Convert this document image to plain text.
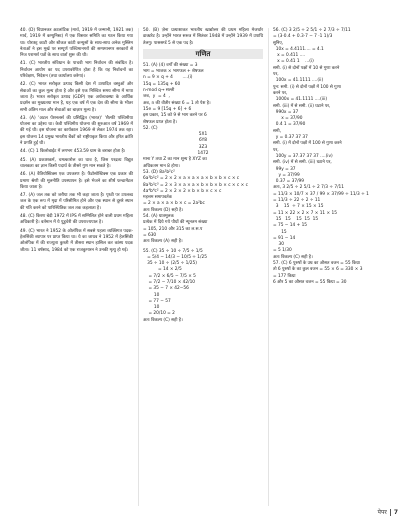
40. (D) चिप्रानकर अटलांटिक (मार्च, 1919 में जन्मानी, 1921 तक) मार्च, 1919 में कम्युनिस्ट) में एक विस्तार समिति का गठन किया गया था। योराश्ट्र काटी और शौकत कांटी कन्युसों के साथ-साथ अनेक मुस्लिम नेताओं ने इस मूर्ख पर सम्पूर्ण पश्चिमानगरों की सम्पमानगर सरकारों से निज परामर्श पत्रों के साथ वार्ता शुरू की थी।

41. (C) भारतीय संविधान के पाचवी भाग निर्वाचन की संबंधित है। निर्वाचन आयोग का पद उपरावरेणित होता है कि यह निर्वाचनों का परिवेक्षण, निदेशन (तथा कार्यालय करेगा)।

42. (C) भारत सरोकृत उत्पाद किसी देश में उत्पादित वस्तुओं और सेवाओं का कुल मूल्य होता है और इसे एक निश्चित समय सीमा में मापा जाता है। भारत सरोकृत उत्पाद (GDP) एक अर्थव्यवस्था के आर्थिक प्रदर्शन का मुख्यतया मान है, यह एक वर्ष में एक देश की सीमा के भीतर सभी अंतिम माल और सेवाओं का बाज़ार मूल्य है।

43. (A) 'अटल पेंशनलर्स की प्रसिद्धित (भारत)' 'शैल्फी पश्चिमीया योजना का उद्देश्य था। केवी पश्चिमीय योजना की शुरुआत वर्ष 1969 में की गई थी। इस योजना का कार्यकाल 1969 से लेकर 1974 तक रहा। इस योजना 14 प्रमुख भारतीय बैंकों को राष्ट्रीयकृत किया और हरित क्रांति ने प्रगति हुई थी।

44. (C) 1 किलोबाईट में लगभग 453.59 ग्राम के बराबर होता है।

45. (A) प्रकाशकर्म, चमत्कारोत्त का घाव है, जिस परद्रव्य विद्युत चालकता का ज्ञान किसी पदार्थ के तीसरे गुण मान सकते है।

46. (A) वैतियोस्टिक्स एक उपकरण है। फैंटोसोस्टिक्स एक प्रकार की प्रमाण श्रेणी की मूलनीति उपस्थापन है। इसे भेजने का शीर्ष फन्डामेंटल किया जाता है।

47. (A) जल तक को जरीया तक भी कहा जाता है। पृथ्वी पर उपलब्ध जल के एक रूप में मृदा में परिसीमित होने और एक स्थान से दूसरे स्थान की गति करने को पारिस्थितिक जल तक कहलाता है।

48. (C) किरण बेदी 1972 में IPS में सम्मिलित होने वाली प्रथम महिला अधिकारी है। वर्तमान में ये पुडुचेरी की उपराज्यपाल है।

49. (C) भारत ने 1952 के ओलंपिक में सबसे पहला व्यक्तिगत पदक-हेलसिंकी ब्यापार पर प्राप्त किया था। ये का जाधव ने 1952 में हेलसिंकी ओलंपिक में की राज्युता कुश्ती में तीसरा स्थान हासिल कर कांस्य पदक जीता। 11 वर्षसाद, 1984 को एक राजकुमारन ने उनकी मृत्यु हो गई।

50. (B) ज़ेना प्रत्याशाकर भारतीय खाद्योत्तर की प्रथम महिला मेजर्थार डाक्टरेट है। उन्होंने भारत सरूत्र में सितंबर 1948 में उन्होंने 1939 में उपाधि तेलगु। पाससर्ग्ड 5 से एक पद है।

गणित

51. (A) (4) वर्गों की संख्या = 3

भाग = भाजक × भागफल + शेषफल

n = 9 × q + 4       ....(i)

15q = 135q + 60

n-mod q→ सल्ती

जब,  y  = 4  ,

अब, n की वीतीर संख्या 6 = 1 तो पेश है।

15e = 9 [15q + 6] + 6

इस प्रकार, 15 को 9 से भाग करने पर 6

शेषफल प्राप्त होता है।

52. (C)

5X1

6Y8

3Z3

1472

माना Y तथा Z का मान शून्य है XYZ का

अधिकतम मान 8 होगा।

53. (D) 8a²b²c²

6a³b²c² = 2 × 2 × a × a × a × b × b × c × c

8a³b³c³ = 2 × 3 × a × a × b × b × b × c × c × c

4a⁴b⁴c² = 2 × 2 × 2 × b × b × c × c

महत्तम समापवर्तक

= 2 × a × a × b × c = 2a²bc

अतः विकल्प (D) सही है।

54. (A) घातमूलक

प्रत्येक में दिये गये पौधों की न्यूनतम संख्या

= 105, 210 और 315 का ल.स.प

= 630

अतः विकल्प (A) सही है।

55. (C) 35 ÷ 10 ÷ 7/5 ÷ 1/5

= 5/4 − 14/3 − 10/5 ÷ 1/25

35 ÷ 10 ÷ (2/5 ÷ 1/25)

= 14 × 2/5

= 7/2 × 6/5 − 7/5 × 5

= 7/2 − 7/10 × 42/10

= 35 − 7 × 42−56

10

= 77 − 57

10

= 20/10 = 2

अतः विकल्प (C) सही है।

56. (C) 3 2/5 ÷ 2 5/1 ÷ 2 7/3 ÷ 7/11

= (3·0.4 + 0.3·7 − 7 ·1 1)/3

सुनिए,

10x = 4.4111.... = 4.1

x = 0.411 ....

x = 0.41 1    ...(i)

समी. (i) से दोनों पक्षों में 10 से गुणा करने

पर,

100x = 41.1111 ....(ii)

पुन: समी. (i) से दोनों पक्षों में 100 से गुणा

करने पर,

1000x = 41.1111 ....(iii)

समी. (iii) में से समी. (ii) घटाने पर,

990x = 37

x = 37/90

0.4 1 = 37/90

समी,

y = 0.37 37 37

समी. (i) में दोनों पक्षों में 100 से गुणा करने

पर,

100y = 37.37 37 37 ....(iv)

समी. (iv) में से समी. (iii) घटाने पर,

99y = 37

y = 37/99

0.37 = 37/99

अतः, 3 2/5 ÷ 2 5/1 ÷ 2 7/3 ÷ 7/11

= 11/3 × 10/7 × 37 / 99 × 37/99 ÷ 11/3 ÷ 1

= 11/3 ÷ 22 ÷ 2 ÷ 11

3    15  ÷ 7 × 15 × 15

= 11 × 22 × 2 × 7 × 11 × 15

15   15    15  15  15

= 75 − 14 + 15

15

= 91 − 14

30

= 5 1/30

अतः विकल्प (C) सही है।

57. (C) 6 पुरुषों के उम्र का औसत वजन = 55 किग्रा

तो 6 पुरुषों के का कुल वजन = 55 × 6 = 330 × 3

= 177 किग्रा

6 और 5 का औसत वजन = 55 किग्रा = 30

पेपर 7
